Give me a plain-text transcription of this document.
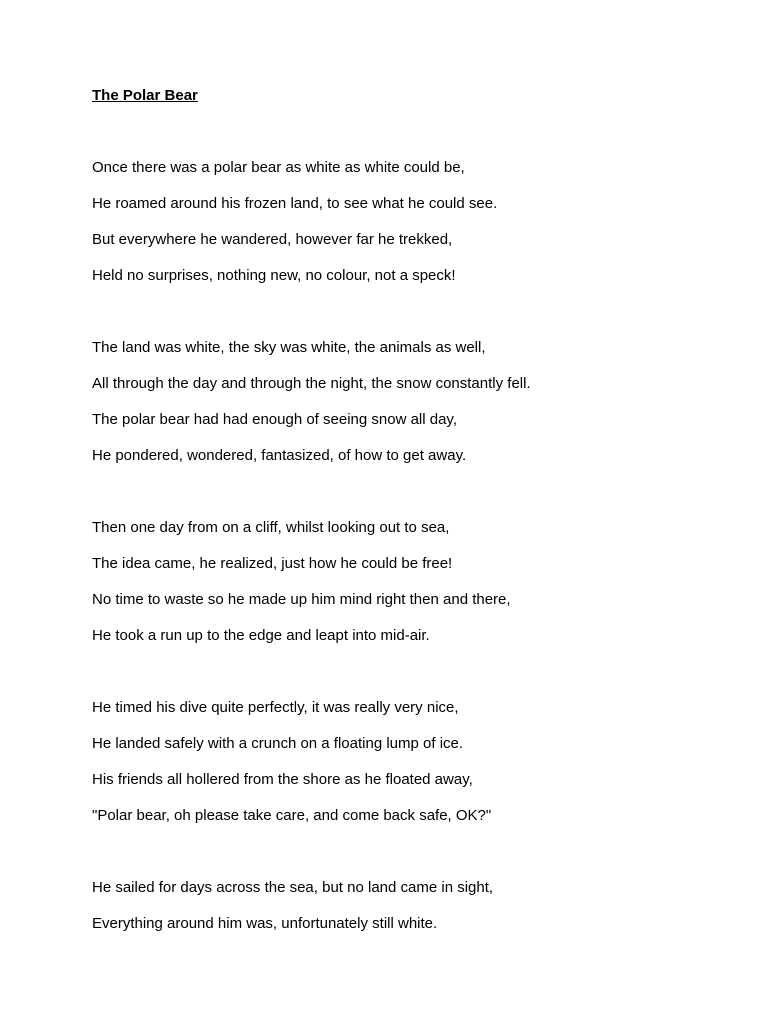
The Polar Bear
Once there was a polar bear as white as white could be,
He roamed around his frozen land, to see what he could see.
But everywhere he wandered, however far he trekked,
Held no surprises, nothing new, no colour, not a speck!
The land was white, the sky was white, the animals as well,
All through the day and through the night, the snow constantly fell.
The polar bear had had enough of seeing snow all day,
He pondered, wondered, fantasized, of how to get away.
Then one day from on a cliff, whilst looking out to sea,
The idea came, he realized, just how he could be free!
No time to waste so he made up him mind right then and there,
He took a run up to the edge and leapt into mid-air.
He timed his dive quite perfectly, it was really very nice,
He landed safely with a crunch on a floating lump of ice.
His friends all hollered from the shore as he floated away,
"Polar bear, oh please take care, and come back safe, OK?"
He sailed for days across the sea, but no land came in sight,
Everything around him was, unfortunately still white.
